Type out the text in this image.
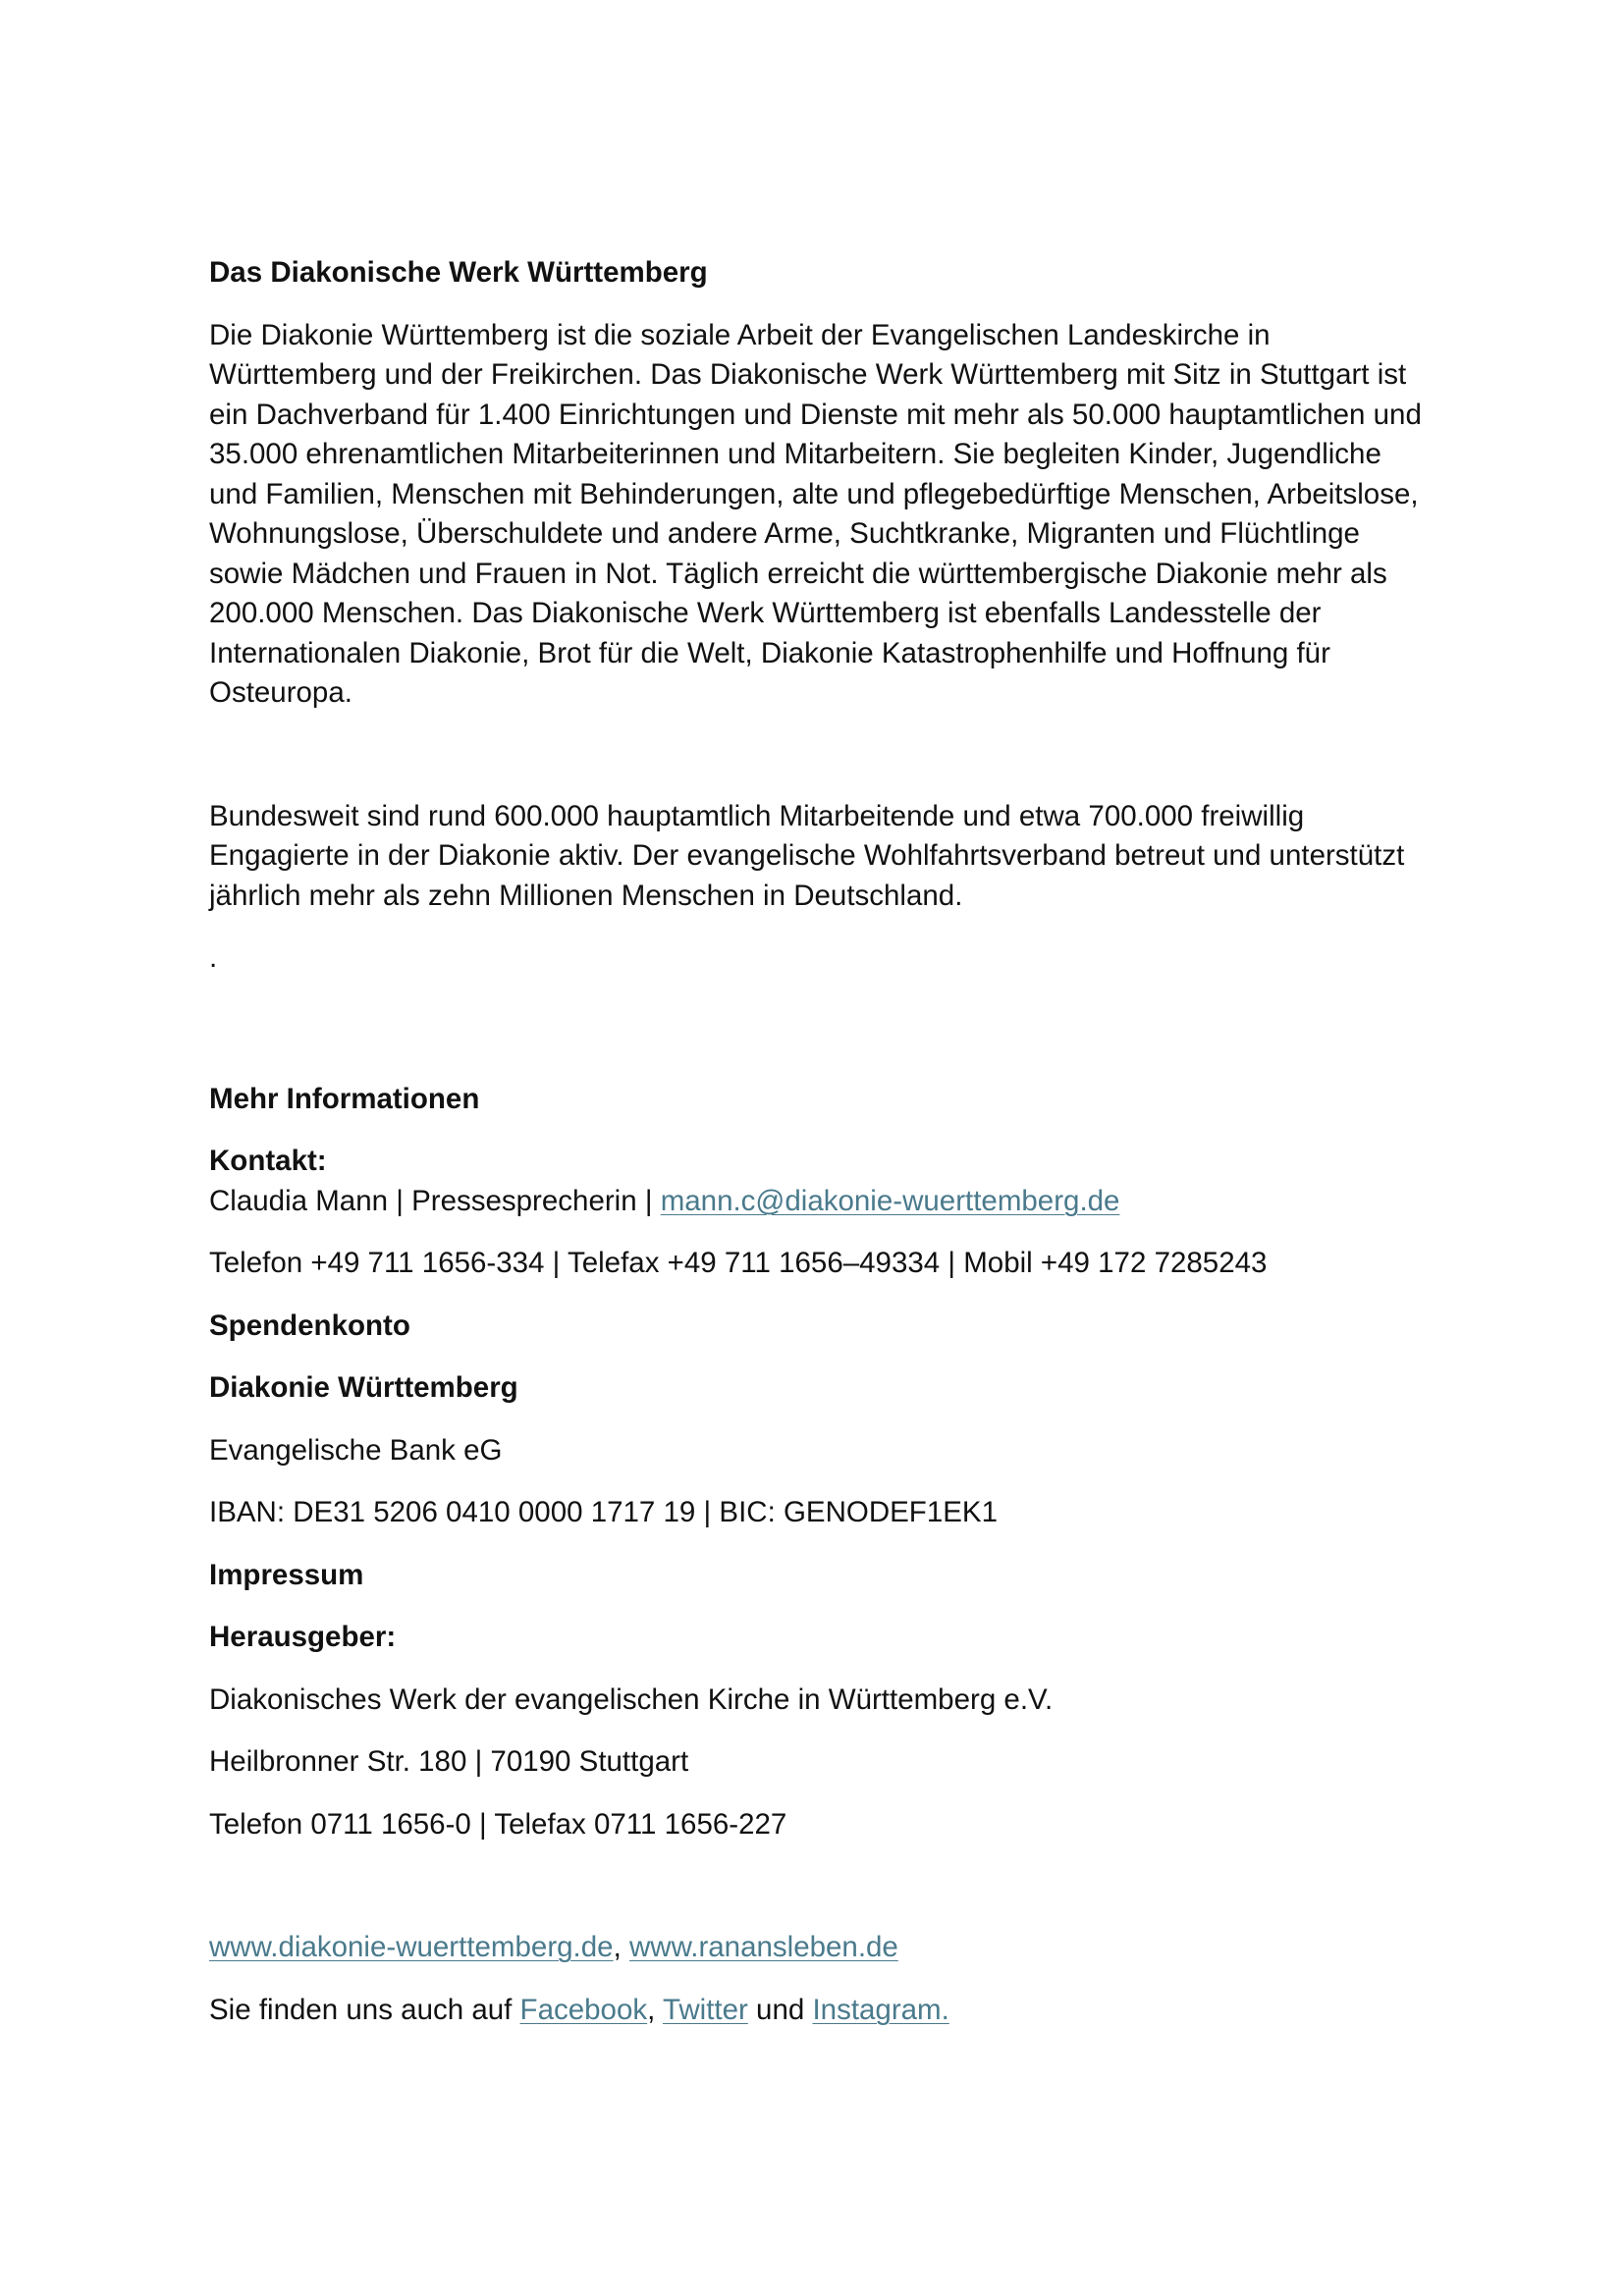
Das Diakonische Werk Württemberg

Die Diakonie Württemberg ist die soziale Arbeit der Evangelischen Landeskirche in Württemberg und der Freikirchen. Das Diakonische Werk Württemberg mit Sitz in Stuttgart ist ein Dachverband für 1.400 Einrichtungen und Dienste mit mehr als 50.000 hauptamtlichen und 35.000 ehrenamtlichen Mitarbeiterinnen und Mitarbeitern. Sie begleiten Kinder, Jugendliche und Familien, Menschen mit Behinderungen, alte und pflegebedürftige Menschen, Arbeitslose, Wohnungslose, Überschuldete und andere Arme, Suchtkranke, Migranten und Flüchtlinge sowie Mädchen und Frauen in Not. Täglich erreicht die württembergische Diakonie mehr als 200.000 Menschen. Das Diakonische Werk Württemberg ist ebenfalls Landesstelle der Internationalen Diakonie, Brot für die Welt, Diakonie Katastrophenhilfe und Hoffnung für Osteuropa.

Bundesweit sind rund 600.000 hauptamtlich Mitarbeitende und etwa 700.000 freiwillig Engagierte in der Diakonie aktiv. Der evangelische Wohlfahrtsverband betreut und unterstützt jährlich mehr als zehn Millionen Menschen in Deutschland.

.

Mehr Informationen

Kontakt:

Claudia Mann | Pressesprecherin | mann.c@diakonie-wuerttemberg.de

Telefon +49 711 1656-334 | Telefax +49 711 1656–49334 | Mobil +49 172 7285243

Spendenkonto

Diakonie Württemberg

Evangelische Bank eG

IBAN: DE31 5206 0410 0000 1717 19 | BIC: GENODEF1EK1

Impressum

Herausgeber:

Diakonisches Werk der evangelischen Kirche in Württemberg e.V.

Heilbronner Str. 180 | 70190 Stuttgart

Telefon 0711 1656-0 | Telefax 0711 1656-227

www.diakonie-wuerttemberg.de, www.ranansleben.de

Sie finden uns auch auf Facebook, Twitter und Instagram.
